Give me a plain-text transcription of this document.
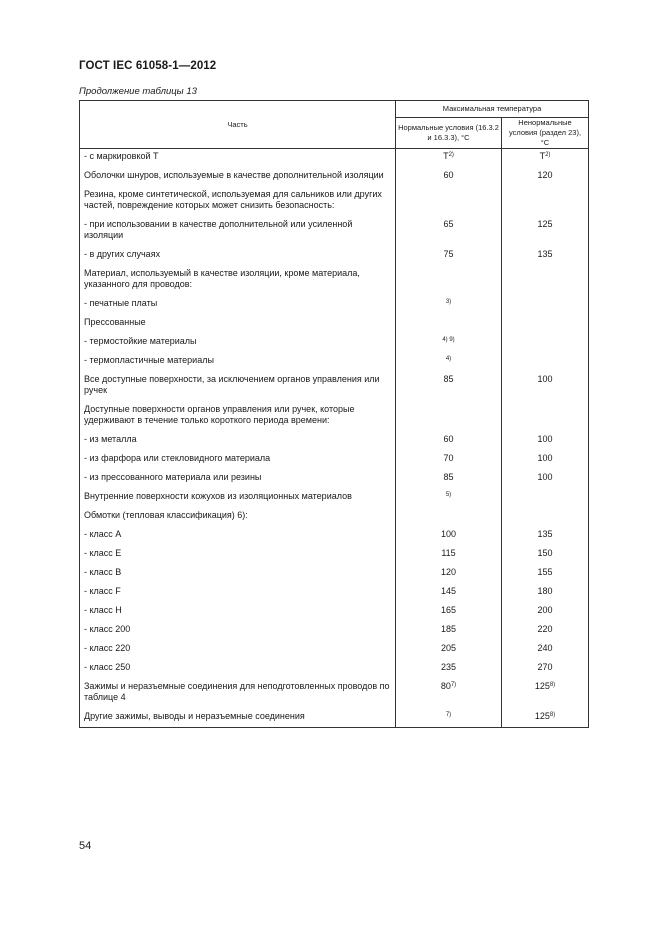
ГОСТ IEC 61058-1—2012
Продолжение таблицы 13
Часть	Максимальная температура	
	Нормальные условия (16.3.2 и 16.3.3), °С	Ненормальные условия (раздел 23), °С
- с маркировкой Т	$Т^{2)}$	$Т^{2)}$
Оболочки шнуров, используемые в качестве дополнительной изоляции	60	120
Резина, кроме синтетической, используемая для сальников или других частей, повреждение которых может снизить безопасность:		
- при использовании в качестве дополнительной или усиленной изоляции	65	125
- в других случаях	75	135
Материал, используемый в качестве изоляции, кроме материала, указанного для проводов:		
- печатные платы	$^{3)}$	
Прессованные		
- термостойкие материалы	$^{4) 9)}$	
- термопластичные материалы	$^{4)}$	
Все доступные поверхности, за исключением органов управления или ручек	85	100
Доступные поверхности органов управления или ручек, которые удерживают в течение только короткого периода времени:		
- из металла	60	100
- из фарфора или стекловидного материала	70	100
- из прессованного материала или резины	85	100
Внутренние поверхности кожухов из изоляционных материалов	$^{5)}$	
Обмотки (тепловая классификация) 6):		
- класс А	100	135
- класс Е	115	150
- класс В	120	155
- класс F	145	180
- класс Н	165	200
- класс 200	185	220
- класс 220	205	240
- класс 250	235	270
Зажимы и неразъемные соединения для неподготовленных проводов по таблице 4	80$^{7)}$	125$^{8)}$
Другие зажимы, выводы и неразъемные соединения	$^{7)}$	125$^{8)}$
54
